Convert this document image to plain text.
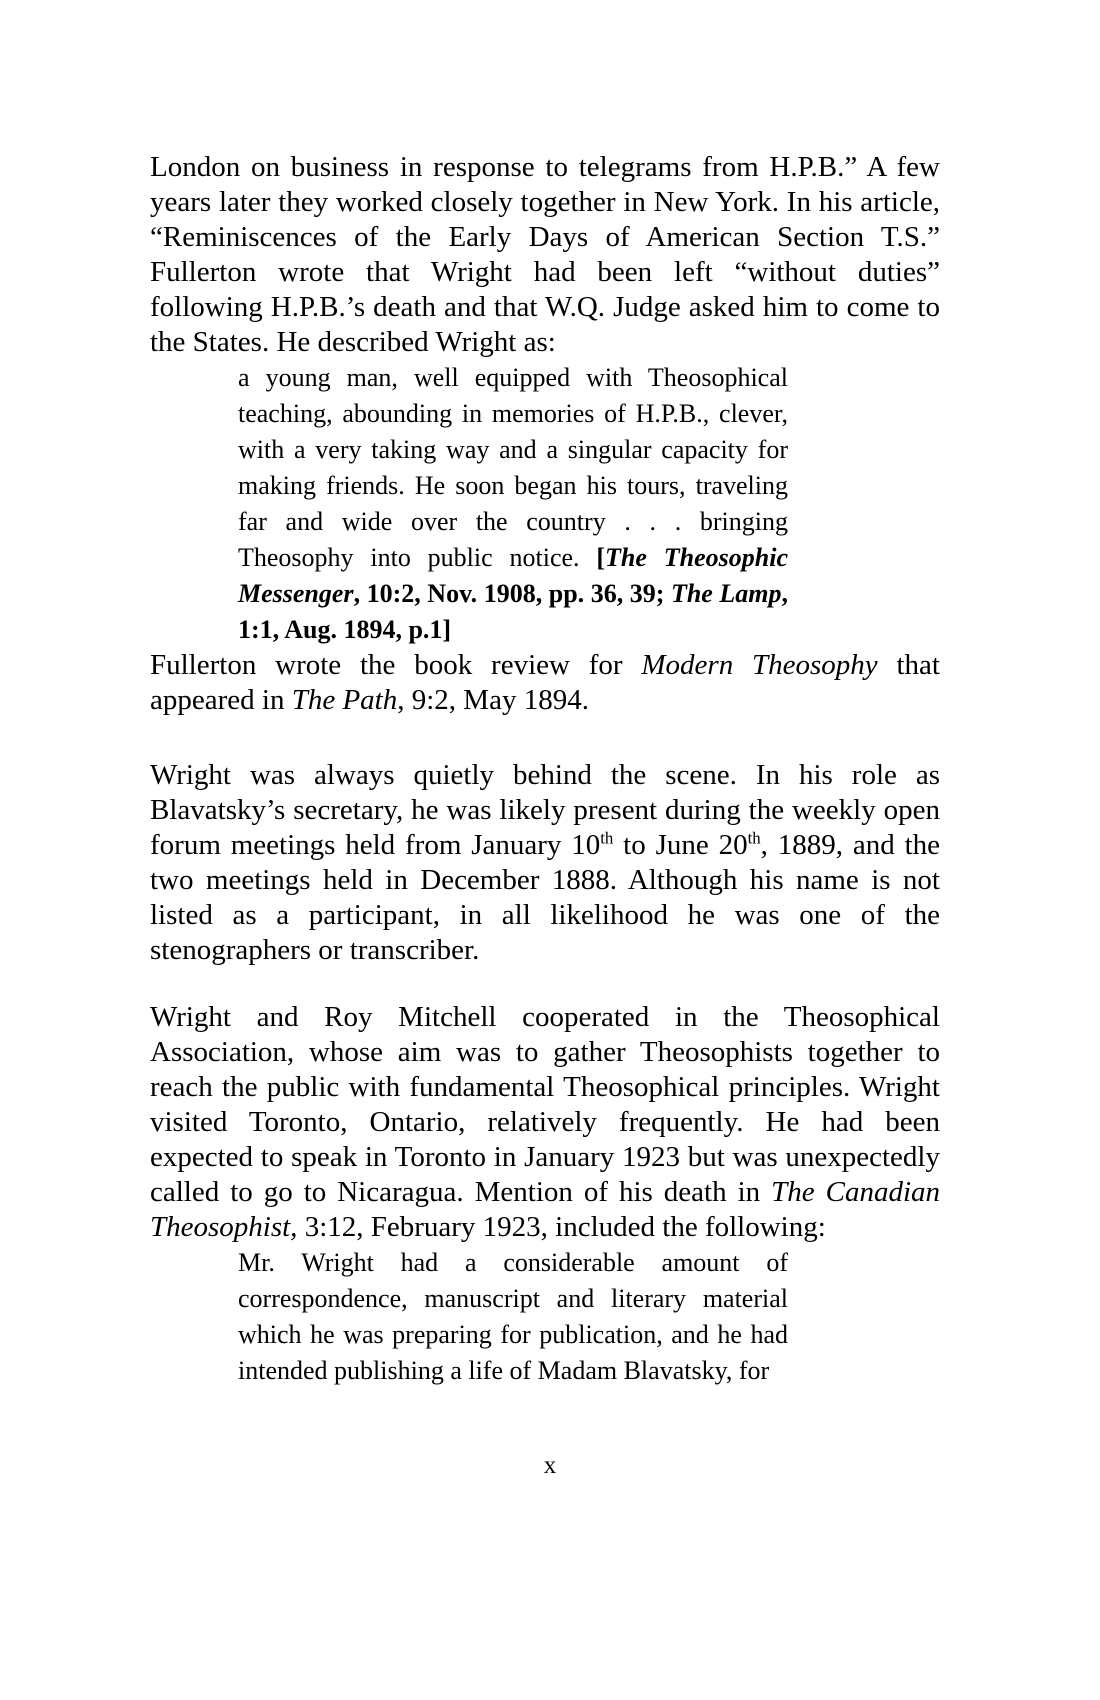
London on business in response to telegrams from H.P.B.” A few years later they worked closely together in New York. In his article, “Reminiscences of the Early Days of American Section T.S.” Fullerton wrote that Wright had been left “without duties” following H.P.B.’s death and that W.Q. Judge asked him to come to the States. He described Wright as:

a young man, well equipped with Theosophical teaching, abounding in memories of H.P.B., clever, with a very taking way and a singular capacity for making friends. He soon began his tours, traveling far and wide over the country . . . bringing Theosophy into public notice. [The Theosophic Messenger, 10:2, Nov. 1908, pp. 36, 39; The Lamp, 1:1, Aug. 1894, p.1]

Fullerton wrote the book review for Modern Theosophy that appeared in The Path, 9:2, May 1894.

Wright was always quietly behind the scene. In his role as Blavatsky’s secretary, he was likely present during the weekly open forum meetings held from January 10th to June 20th, 1889, and the two meetings held in December 1888. Although his name is not listed as a participant, in all likelihood he was one of the stenographers or transcriber.

Wright and Roy Mitchell cooperated in the Theosophical Association, whose aim was to gather Theosophists together to reach the public with fundamental Theosophical principles. Wright visited Toronto, Ontario, relatively frequently. He had been expected to speak in Toronto in January 1923 but was unexpectedly called to go to Nicaragua. Mention of his death in The Canadian Theosophist, 3:12, February 1923, included the following:

Mr. Wright had a considerable amount of correspondence, manuscript and literary material which he was preparing for publication, and he had intended publishing a life of Madam Blavatsky, for
x
